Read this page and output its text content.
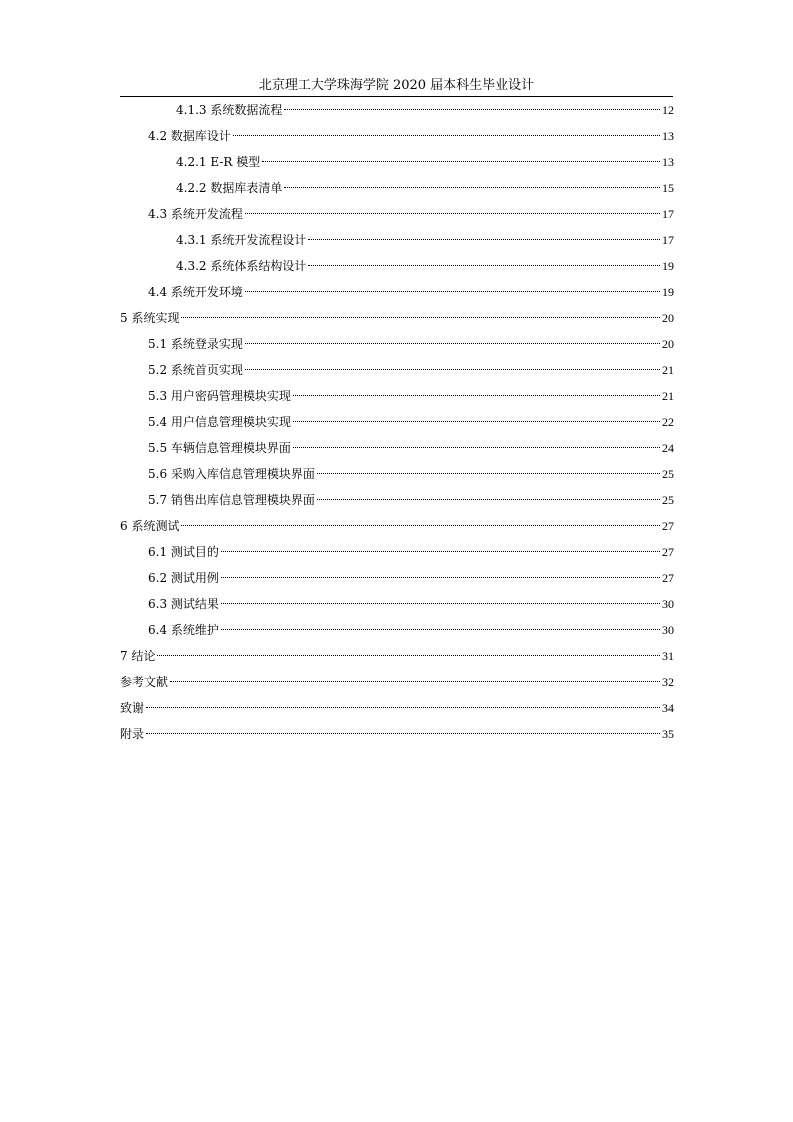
北京理工大学珠海学院 2020 届本科生毕业设计
4.1.3 系统数据流程	12
4.2 数据库设计	13
4.2.1 E-R 模型	13
4.2.2 数据库表清单	15
4.3 系统开发流程	17
4.3.1 系统开发流程设计	17
4.3.2 系统体系结构设计	19
4.4 系统开发环境	19
5 系统实现	20
5.1 系统登录实现	20
5.2 系统首页实现	21
5.3 用户密码管理模块实现	21
5.4 用户信息管理模块实现	22
5.5 车辆信息管理模块界面	24
5.6 采购入库信息管理模块界面	25
5.7 销售出库信息管理模块界面	25
6 系统测试	27
6.1 测试目的	27
6.2 测试用例	27
6.3 测试结果	30
6.4 系统维护	30
7 结论	31
参考文献	32
致谢	34
附录	35
